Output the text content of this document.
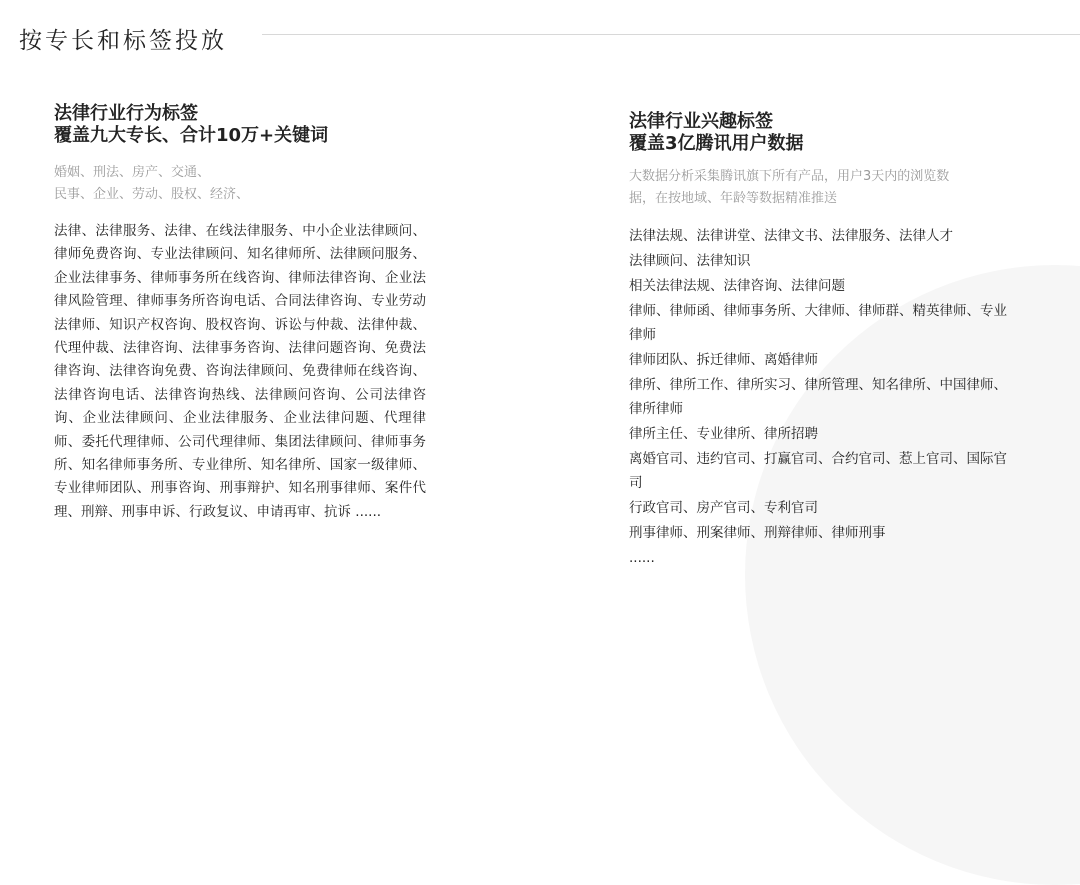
按专长和标签投放

法律行业行为标签
覆盖九大专长、合计10万+关键词

婚姻、刑法、房产、交通、
民事、企业、劳动、股权、经济、

法律、法律服务、法律、在线法律服务、中小企业法律顾问、律师免费咨询、专业法律顾问、知名律师所、法律顾问服务、企业法律事务、律师事务所在线咨询、律师法律咨询、企业法律风险管理、律师事务所咨询电话、合同法律咨询、专业劳动法律师、知识产权咨询、股权咨询、诉讼与仲裁、法律仲裁、代理仲裁、法律咨询、法律事务咨询、法律问题咨询、免费法律咨询、法律咨询免费、咨询法律顾问、免费律师在线咨询、法律咨询电话、法律咨询热线、法律顾问咨询、公司法律咨询、企业法律顾问、企业法律服务、企业法律问题、代理律师、委托代理律师、公司代理律师、集团法律顾问、律师事务所、知名律师事务所、专业律所、知名律所、国家一级律师、专业律师团队、刑事咨询、刑事辩护、知名刑事律师、案件代理、刑辩、刑事申诉、行政复议、申请再审、抗诉 ......

法律行业兴趣标签
覆盖3亿腾讯用户数据

大数据分析采集腾讯旗下所有产品，用户3天内的浏览数
据，在按地域、年龄等数据精准推送

法律法规、法律讲堂、法律文书、法律服务、法律人才
法律顾问、法律知识
相关法律法规、法律咨询、法律问题
律师、律师函、律师事务所、大律师、律师群、精英律师、专业律师
律师团队、拆迁律师、离婚律师
律所、律所工作、律所实习、律所管理、知名律所、中国律师、律所律师
律所主任、专业律所、律所招聘
离婚官司、违约官司、打赢官司、合约官司、惹上官司、国际官司
行政官司、房产官司、专利官司
刑事律师、刑案律师、刑辩律师、律师刑事
......
